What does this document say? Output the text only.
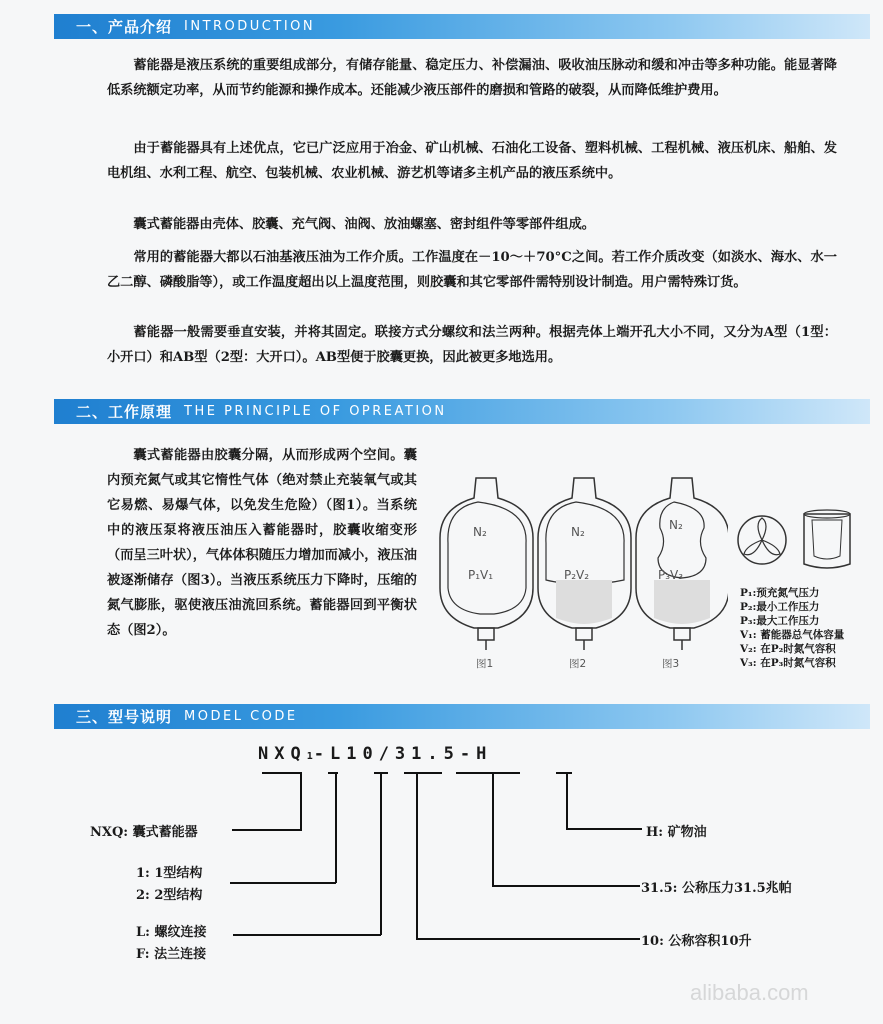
一、产品介绍 INTRODUCTION

蓄能器是液压系统的重要组成部分，有储存能量、稳定压力、补偿漏油、吸收油压脉动和缓和冲击等多种功能。能显著降低系统额定功率，从而节约能源和操作成本。还能减少液压部件的磨损和管路的破裂，从而降低维护费用。

由于蓄能器具有上述优点，它已广泛应用于冶金、矿山机械、石油化工设备、塑料机械、工程机械、液压机床、船舶、发电机组、水利工程、航空、包装机械、农业机械、游艺机等诸多主机产品的液压系统中。

囊式蓄能器由壳体、胶囊、充气阀、油阀、放油螺塞、密封组件等零部件组成。

常用的蓄能器大都以石油基液压油为工作介质。工作温度在－10～＋70°C之间。若工作介质改变（如淡水、海水、水一乙二醇、磷酸脂等），或工作温度超出以上温度范围，则胶囊和其它零部件需特别设计制造。用户需特殊订货。

蓄能器一般需要垂直安装，并将其固定。联接方式分螺纹和法兰两种。根据壳体上端开孔大小不同，又分为A型（1型：小开口）和AB型（2型：大开口）。AB型便于胶囊更换，因此被更多地选用。

二、工作原理 THE PRINCIPLE OF OPREATION

囊式蓄能器由胶囊分隔，从而形成两个空间。囊内预充氮气或其它惰性气体（绝对禁止充装氧气或其它易燃、易爆气体，以免发生危险）（图1）。当系统中的液压泵将液压油压入蓄能器时，胶囊收缩变形（而呈三叶状），气体体积随压力增加而减小，液压油被逐渐储存（图3）。当液压系统压力下降时，压缩的氮气膨胀，驱使液压油流回系统。蓄能器回到平衡状态（图2）。

N₂
P₁V₁
N₂
P₂V₂
N₂
P₃V₃
图1	图2	图3
P₁:预充氮气压力
P₂:最小工作压力
P₃:最大工作压力
V₁: 蓄能器总气体容量
V₂: 在P₂时氮气容积
V₃: 在P₃时氮气容积
三、型号说明 MODEL CODE
NXQ1-L10/31.5-H
NXQ: 囊式蓄能器
1: 1型结构
2: 2型结构
L: 螺纹连接
F: 法兰连接
H: 矿物油
31.5: 公称压力31.5兆帕
10: 公称容积10升
alibaba.com
